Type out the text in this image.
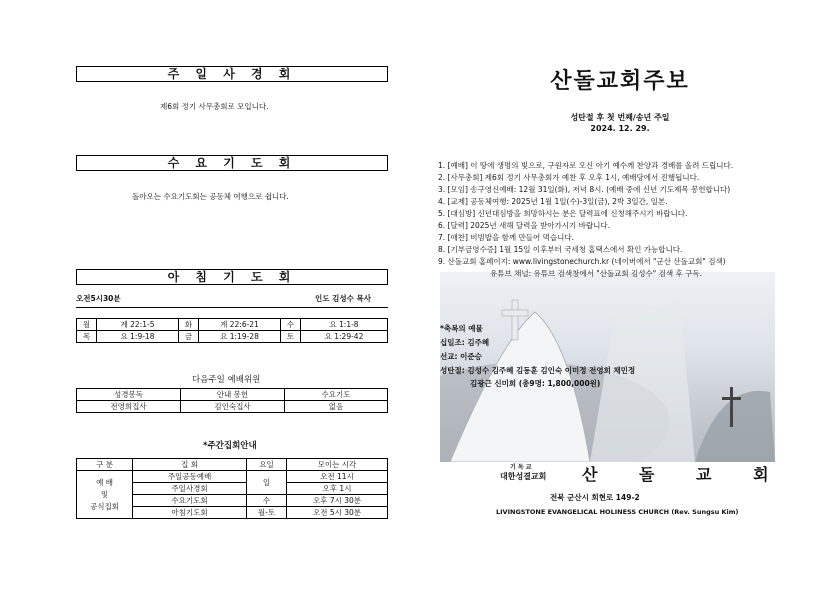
주 일 사 경 회
제6회 정기 사무총회로 모입니다.
수 요 기 도 회
돌아오는 수요기도회는 공동체 여행으로 쉽니다.
아 침 기 도 회
오전5시30분	인도 김성수 목사
월	계 22:1-5	화	계 22:6-21	수	요 1:1-8
목	요 1:9-18	금	요 1:19-28	토	요 1:29-42
다음주일 예배위원
성경봉독	안내 봉헌	수요기도
전영희집사	김인숙집사	없음
*주간집회안내
구 분	집 회	요일	모이는 시각

예 배
및
공식집회	주일공동예배	일	오전 11시
	주일사경회		오후 1시
	수요기도회	수	오후 7시 30분
	아침기도회	월-토	오전 5시 30분
산돌교회주보
성탄절 후 첫 번째/송년 주일
2024. 12. 29.
1. [예배] 이 땅에 생명의 빛으로, 구원자로 오신 아기 예수께 찬양과 경배를 올려 드립니다.
2. [사무총회] 제6회 정기 사무총회가 예찬 후 오후 1시, 예배당에서 진행됩니다.
3. [모임] 송구영신예배: 12월 31일(화), 저녁 8시. (예배 중에 신년 기도제목 봉헌합니다)
4. [교제] 공동체여행: 2025년 1월 1일(수)-3일(금), 2박 3일간, 일본.
5. [대심방] 신년대심방을 희망하시는 분은 달력표에 신청해주시기 바랍니다.
6. [달력] 2025년 새해 달력을 받아가시기 바랍니다.
7. [애찬] 비빔밥을 함께 만들어 먹습니다.
8. [기부금영수증] 1월 15일 이후부터 국세청 홈택스에서 확인 가능합니다.
9. 산돌교회 홈페이지: www.livingstonechurch.kr (네이버에서 "군산 산돌교회" 검색)
유튜브 채널: 유튜브 검색창에서 "산돌교회 김성수" 검색 후 구독.
*축복의 예물
십일조: 김주혜
선교: 이준승
성탄절: 김성수 김주혜 김동훈 김인숙 이미정 전영희 채민정
김광근 신미희 (총9명: 1,800,000원)
기 독 교
대한성결교회 산 돌 교 회
전북 군산시 회현로 149-2
LIVINGSTONE EVANGELICAL HOLINESS CHURCH (Rev. Sungsu Kim)
